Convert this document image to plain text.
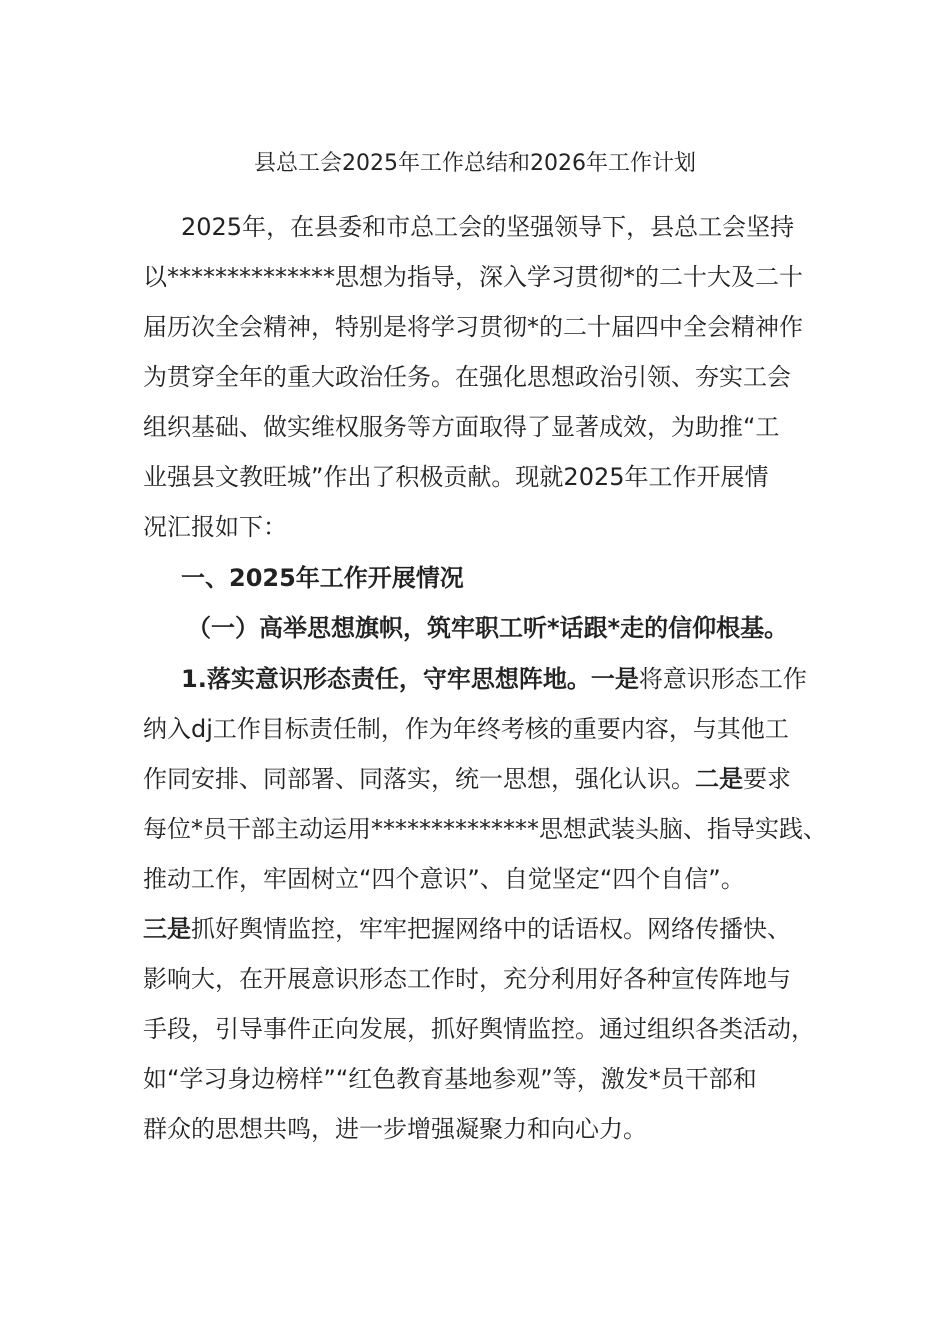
县总工会2025年工作总结和2026年工作计划
2025年，在县委和市总工会的坚强领导下，县总工会坚持
以**************思想为指导，深入学习贯彻*的二十大及二十
届历次全会精神，特别是将学习贯彻*的二十届四中全会精神作
为贯穿全年的重大政治任务。在强化思想政治引领、夯实工会
组织基础、做实维权服务等方面取得了显著成效，为助推“工
业强县文教旺城”作出了积极贡献。现就2025年工作开展情
况汇报如下：
一、2025年工作开展情况
（一）高举思想旗帜，筑牢职工听*话跟*走的信仰根基。
1.落实意识形态责任，守牢思想阵地。一是将意识形态工作
纳入dj工作目标责任制，作为年终考核的重要内容，与其他工
作同安排、同部署、同落实，统一思想，强化认识。二是要求
每位*员干部主动运用**************思想武装头脑、指导实践、
推动工作，牢固树立“四个意识”、自觉坚定“四个自信”。
三是抓好舆情监控，牢牢把握网络中的话语权。网络传播快、
影响大，在开展意识形态工作时，充分利用好各种宣传阵地与
手段，引导事件正向发展，抓好舆情监控。通过组织各类活动，
如“学习身边榜样”“红色教育基地参观”等，激发*员干部和
群众的思想共鸣，进一步增强凝聚力和向心力。
